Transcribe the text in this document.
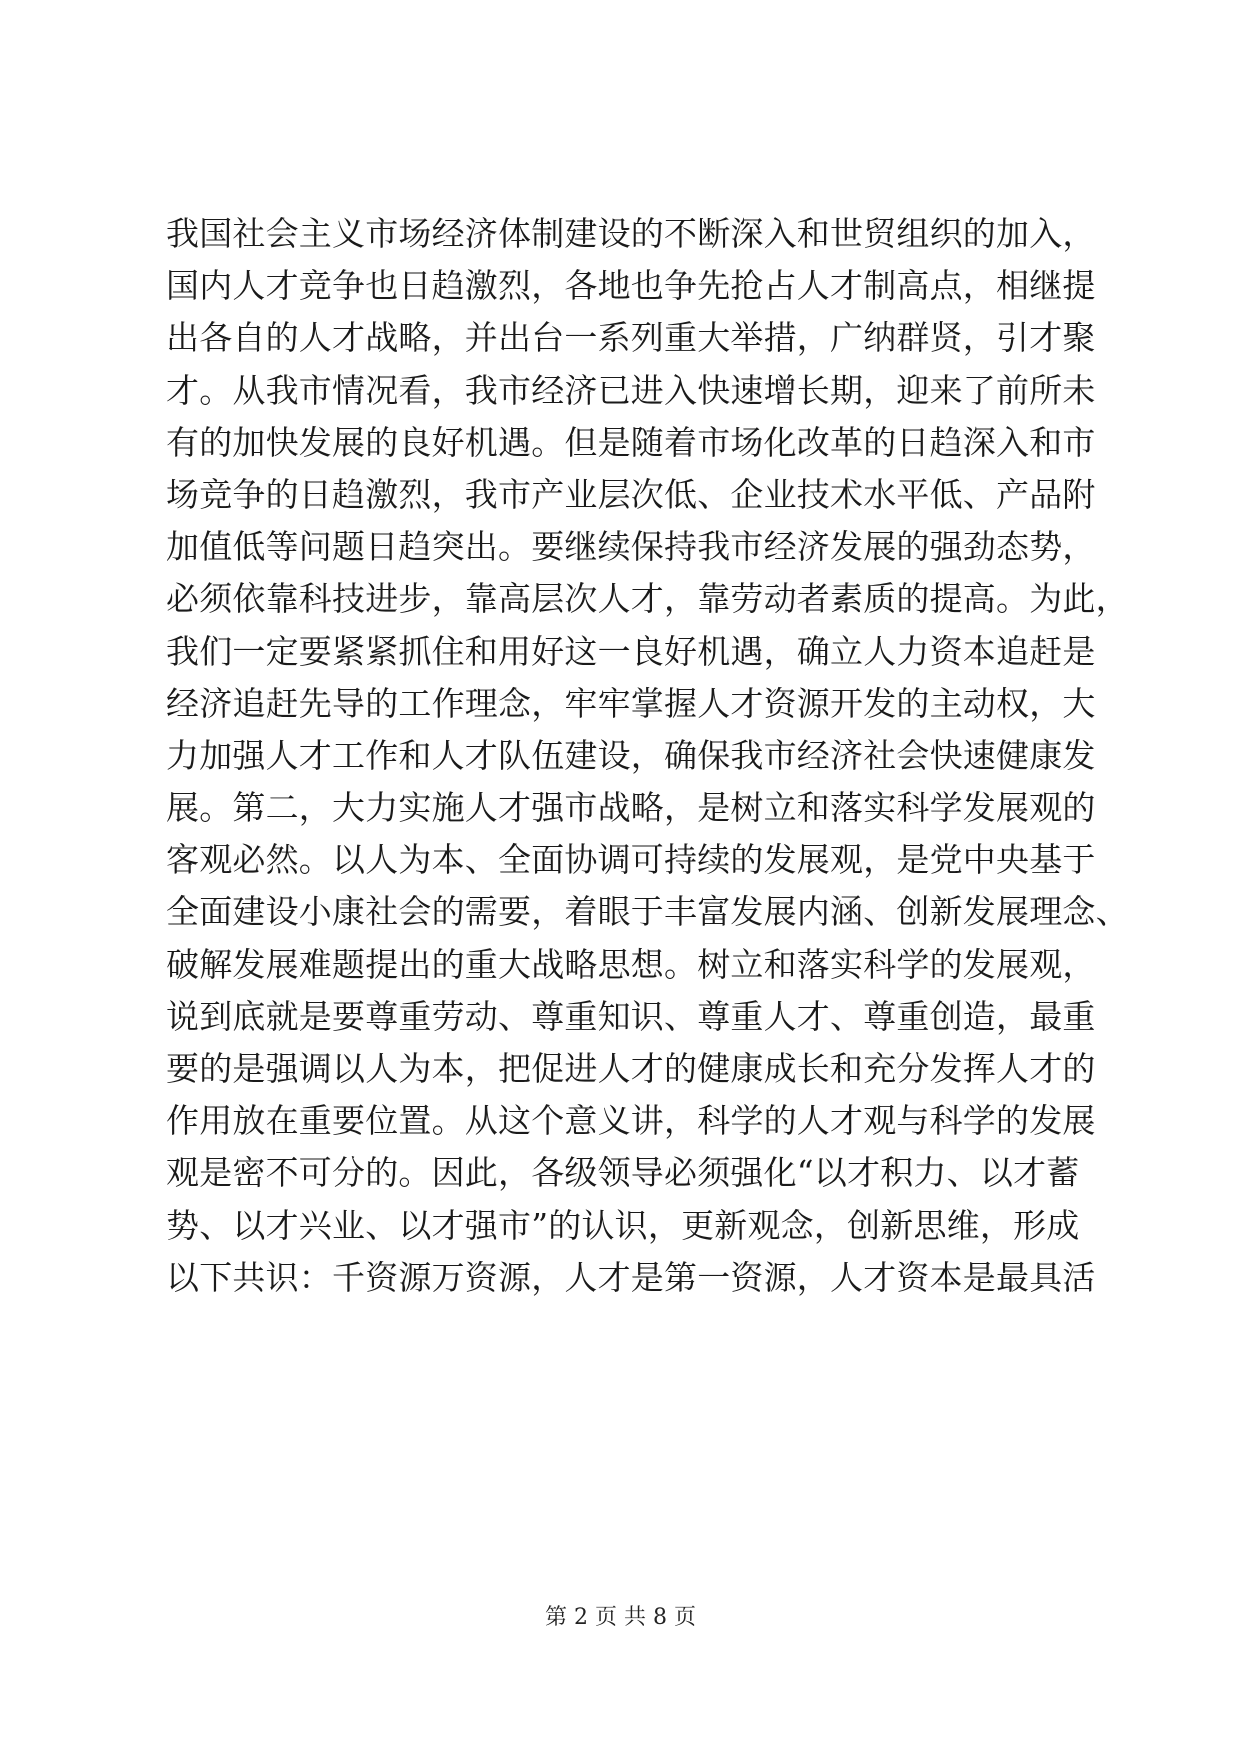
我国社会主义市场经济体制建设的不断深入和世贸组织的加入，
国内人才竞争也日趋激烈，各地也争先抢占人才制高点，相继提
出各自的人才战略，并出台一系列重大举措，广纳群贤，引才聚
才。从我市情况看，我市经济已进入快速增长期，迎来了前所未
有的加快发展的良好机遇。但是随着市场化改革的日趋深入和市
场竞争的日趋激烈，我市产业层次低、企业技术水平低、产品附
加值低等问题日趋突出。要继续保持我市经济发展的强劲态势，
必须依靠科技进步，靠高层次人才，靠劳动者素质的提高。为此，
我们一定要紧紧抓住和用好这一良好机遇，确立人力资本追赶是
经济追赶先导的工作理念，牢牢掌握人才资源开发的主动权，大
力加强人才工作和人才队伍建设，确保我市经济社会快速健康发
展。第二，大力实施人才强市战略，是树立和落实科学发展观的
客观必然。以人为本、全面协调可持续的发展观，是党中央基于
全面建设小康社会的需要，着眼于丰富发展内涵、创新发展理念、
破解发展难题提出的重大战略思想。树立和落实科学的发展观，
说到底就是要尊重劳动、尊重知识、尊重人才、尊重创造，最重
要的是强调以人为本，把促进人才的健康成长和充分发挥人才的
作用放在重要位置。从这个意义讲，科学的人才观与科学的发展
观是密不可分的。因此，各级领导必须强化“以才积力、以才蓄
势、以才兴业、以才强市”的认识，更新观念，创新思维，形成
以下共识：千资源万资源，人才是第一资源，人才资本是最具活
第 2 页 共 8 页
